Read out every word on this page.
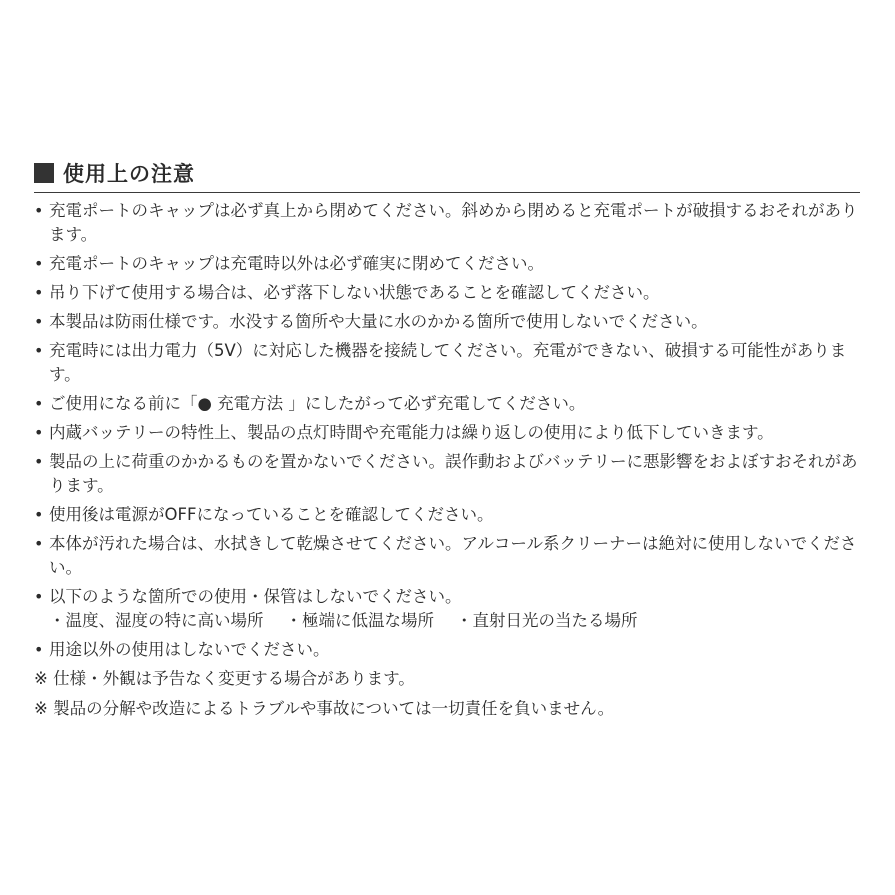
使用上の注意
• 充電ポートのキャップは必ず真上から閉めてください。斜めから閉めると充電ポートが破損するおそれがあります。
• 充電ポートのキャップは充電時以外は必ず確実に閉めてください。
• 吊り下げて使用する場合は、必ず落下しない状態であることを確認してください。
• 本製品は防雨仕様です。水没する箇所や大量に水のかかる箇所で使用しないでください。
• 充電時には出力電力（5V）に対応した機器を接続してください。充電ができない、破損する可能性があります。
• ご使用になる前に「● 充電方法 」にしたがって必ず充電してください。
• 内蔵バッテリーの特性上、製品の点灯時間や充電能力は繰り返しの使用により低下していきます。
• 製品の上に荷重のかかるものを置かないでください。誤作動およびバッテリーに悪影響をおよぼすおそれがあります。
• 使用後は電源がOFFになっていることを確認してください。
• 本体が汚れた場合は、水拭きして乾燥させてください。アルコール系クリーナーは絶対に使用しないでください。
• 以下のような箇所での使用・保管はしないでください。
・温度、湿度の特に高い場所 ・極端に低温な場所 ・直射日光の当たる場所
• 用途以外の使用はしないでください。
※ 仕様・外観は予告なく変更する場合があります。
※ 製品の分解や改造によるトラブルや事故については一切責任を負いません。
